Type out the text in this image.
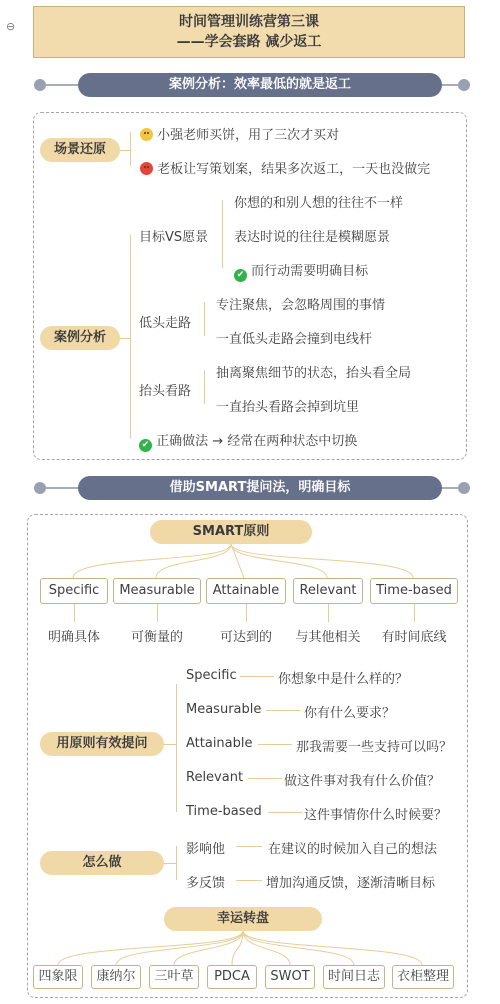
⊖	时间管理训练营第三课
——学会套路 减少返工
案例分析：效率最低的就是返工
场景还原
小强老师买饼，用了三次才买对
老板让写策划案，结果多次返工，一天也没做完
案例分析
目标VS愿景
你想的和别人想的往往不一样
表达时说的往往是模糊愿景
✔ 而行动需要明确目标
低头走路
专注聚焦，会忽略周围的事情
一直低头走路会撞到电线杆
抬头看路
抽离聚焦细节的状态，抬头看全局
一直抬头看路会掉到坑里
✔ 正确做法 → 经常在两种状态中切换
借助SMART提问法，明确目标
SMART原则
Specific	Measurable	Attainable	Relevant	Time-based
明确具体	可衡量的	可达到的	与其他相关	有时间底线
用原则有效提问
Specific	你想象中是什么样的？
Measurable	你有什么要求？
Attainable	那我需要一些支持可以吗？
Relevant	做这件事对我有什么价值？
Time-based	这件事情你什么时候要？
怎么做
影响他	在建议的时候加入自己的想法
多反馈	增加沟通反馈，逐渐清晰目标
幸运转盘
四象限	康纳尔	三叶草	PDCA	SWOT	时间日志	衣柜整理
